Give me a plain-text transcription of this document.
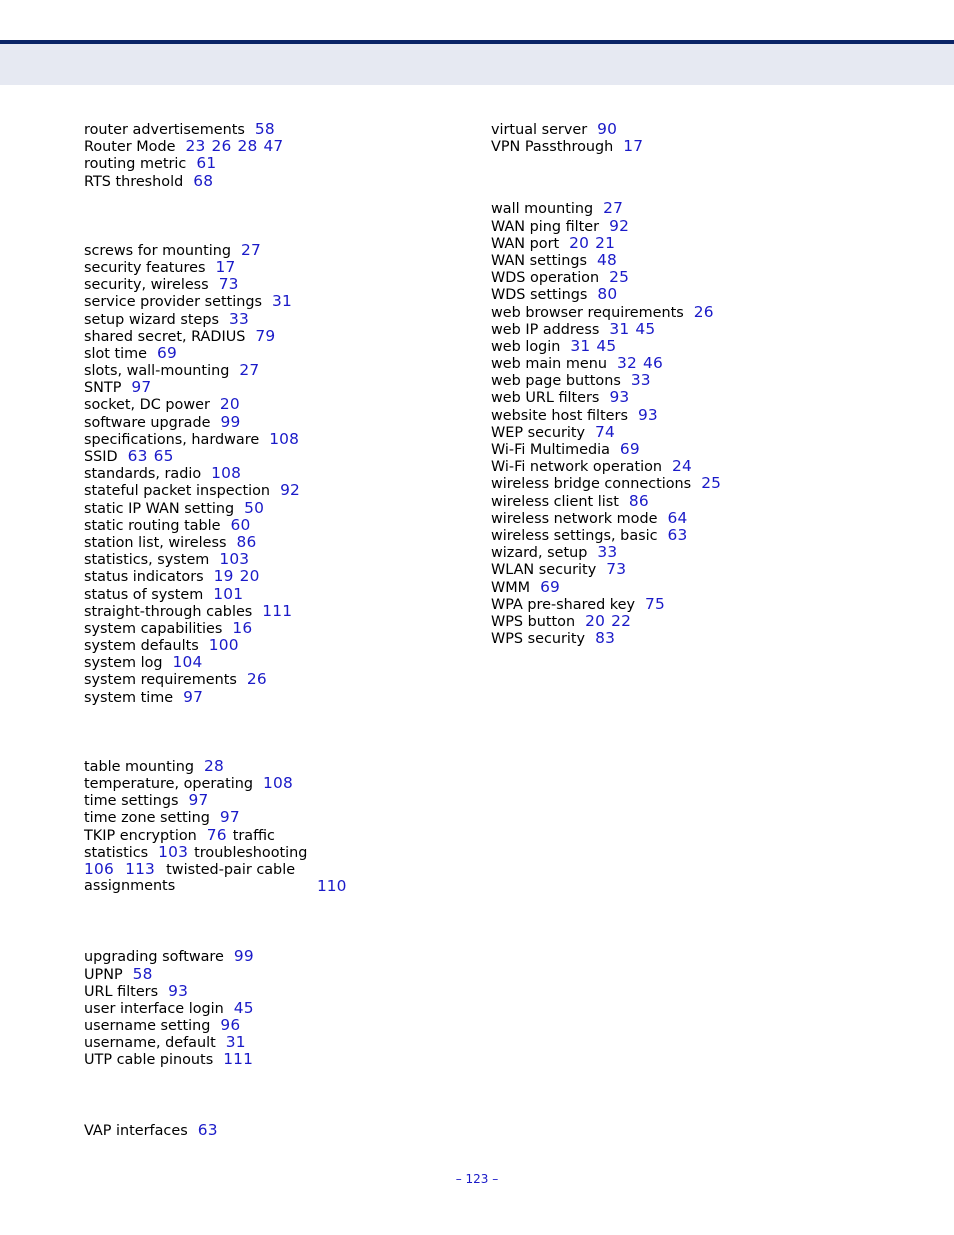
router advertisements 58
Router Mode 23 26 28 47
routing metric 61
RTS threshold 68
screws for mounting 27
security features 17
security, wireless 73
service provider settings 31
setup wizard steps 33
shared secret, RADIUS 79
slot time 69
slots, wall-mounting 27
SNTP 97
socket, DC power 20
software upgrade 99
specifications, hardware 108
SSID 63 65
standards, radio 108
stateful packet inspection 92
static IP WAN setting 50
static routing table 60
station list, wireless 86
statistics, system 103
status indicators 19 20
status of system 101
straight-through cables 111
system capabilities 16
system defaults 100
system log 104
system requirements 26
system time 97
table mounting 28
temperature, operating 108
time settings 97
time zone setting 97
TKIP encryption 76 traffic
statistics 103 troubleshooting
106 113 twisted-pair cable
assignments	110
upgrading software 99
UPNP 58
URL filters 93
user interface login 45
username setting 96
username, default 31
UTP cable pinouts 111
VAP interfaces 63
virtual server 90
VPN Passthrough 17
wall mounting 27
WAN ping filter 92
WAN port 20 21
WAN settings 48
WDS operation 25
WDS settings 80
web browser requirements 26
web IP address 31 45
web login 31 45
web main menu 32 46
web page buttons 33
web URL filters 93
website host filters 93
WEP security 74
Wi-Fi Multimedia 69
Wi-Fi network operation 24
wireless bridge connections 25
wireless client list 86
wireless network mode 64
wireless settings, basic 63
wizard, setup 33
WLAN security 73
WMM 69
WPA pre-shared key 75
WPS button 20 22
WPS security 83
– 123 –
